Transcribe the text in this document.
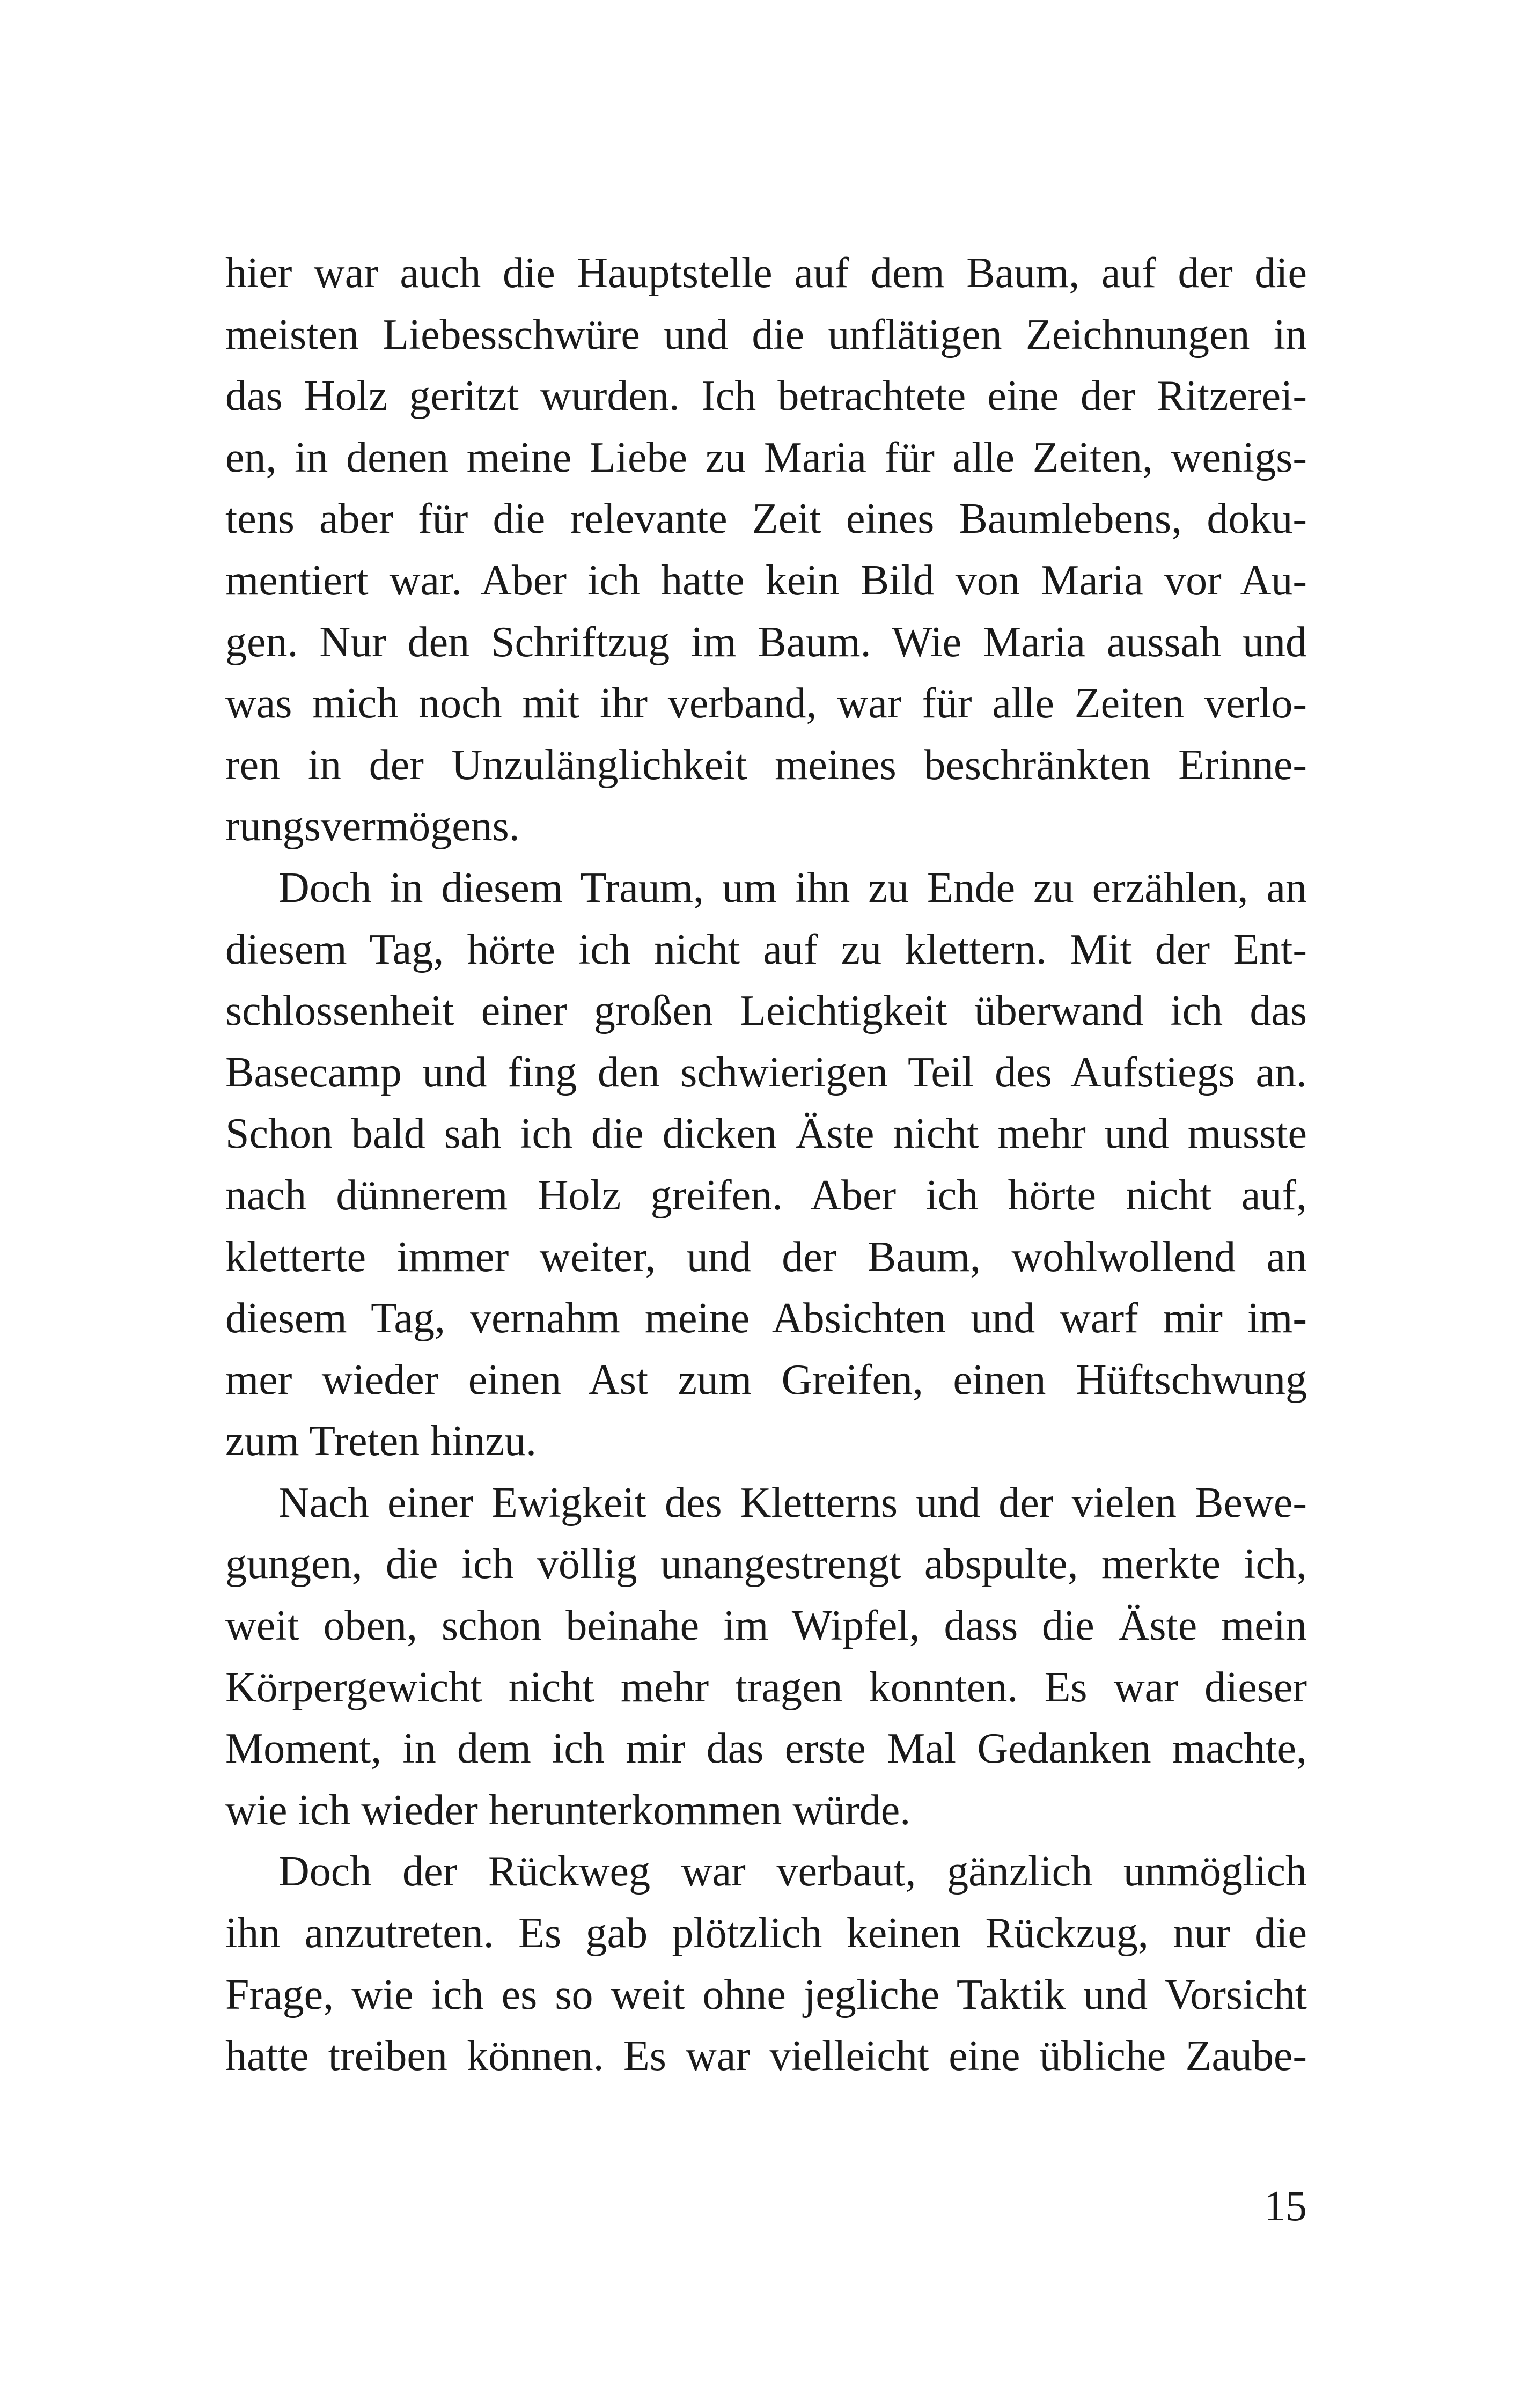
hier war auch die Hauptstelle auf dem Baum, auf der die
meisten Liebesschwüre und die unflätigen Zeichnungen in
das Holz geritzt wurden. Ich betrachtete eine der Ritzerei-
en, in denen meine Liebe zu Maria für alle Zeiten, wenigs-
tens aber für die relevante Zeit eines Baumlebens, doku-
mentiert war. Aber ich hatte kein Bild von Maria vor Au-
gen. Nur den Schriftzug im Baum. Wie Maria aussah und
was mich noch mit ihr verband, war für alle Zeiten verlo-
ren in der Unzulänglichkeit meines beschränkten Erinne-
rungsvermögens.
Doch in diesem Traum, um ihn zu Ende zu erzählen, an
diesem Tag, hörte ich nicht auf zu klettern. Mit der Ent-
schlossenheit einer großen Leichtigkeit überwand ich das
Basecamp und fing den schwierigen Teil des Aufstiegs an.
Schon bald sah ich die dicken Äste nicht mehr und musste
nach dünnerem Holz greifen. Aber ich hörte nicht auf,
kletterte immer weiter, und der Baum, wohlwollend an
diesem Tag, vernahm meine Absichten und warf mir im-
mer wieder einen Ast zum Greifen, einen Hüftschwung
zum Treten hinzu.
Nach einer Ewigkeit des Kletterns und der vielen Bewe-
gungen, die ich völlig unangestrengt abspulte, merkte ich,
weit oben, schon beinahe im Wipfel, dass die Äste mein
Körpergewicht nicht mehr tragen konnten. Es war dieser
Moment, in dem ich mir das erste Mal Gedanken machte,
wie ich wieder herunterkommen würde.
Doch der Rückweg war verbaut, gänzlich unmöglich
ihn anzutreten. Es gab plötzlich keinen Rückzug, nur die
Frage, wie ich es so weit ohne jegliche Taktik und Vorsicht
hatte treiben können. Es war vielleicht eine übliche Zaube-
15
